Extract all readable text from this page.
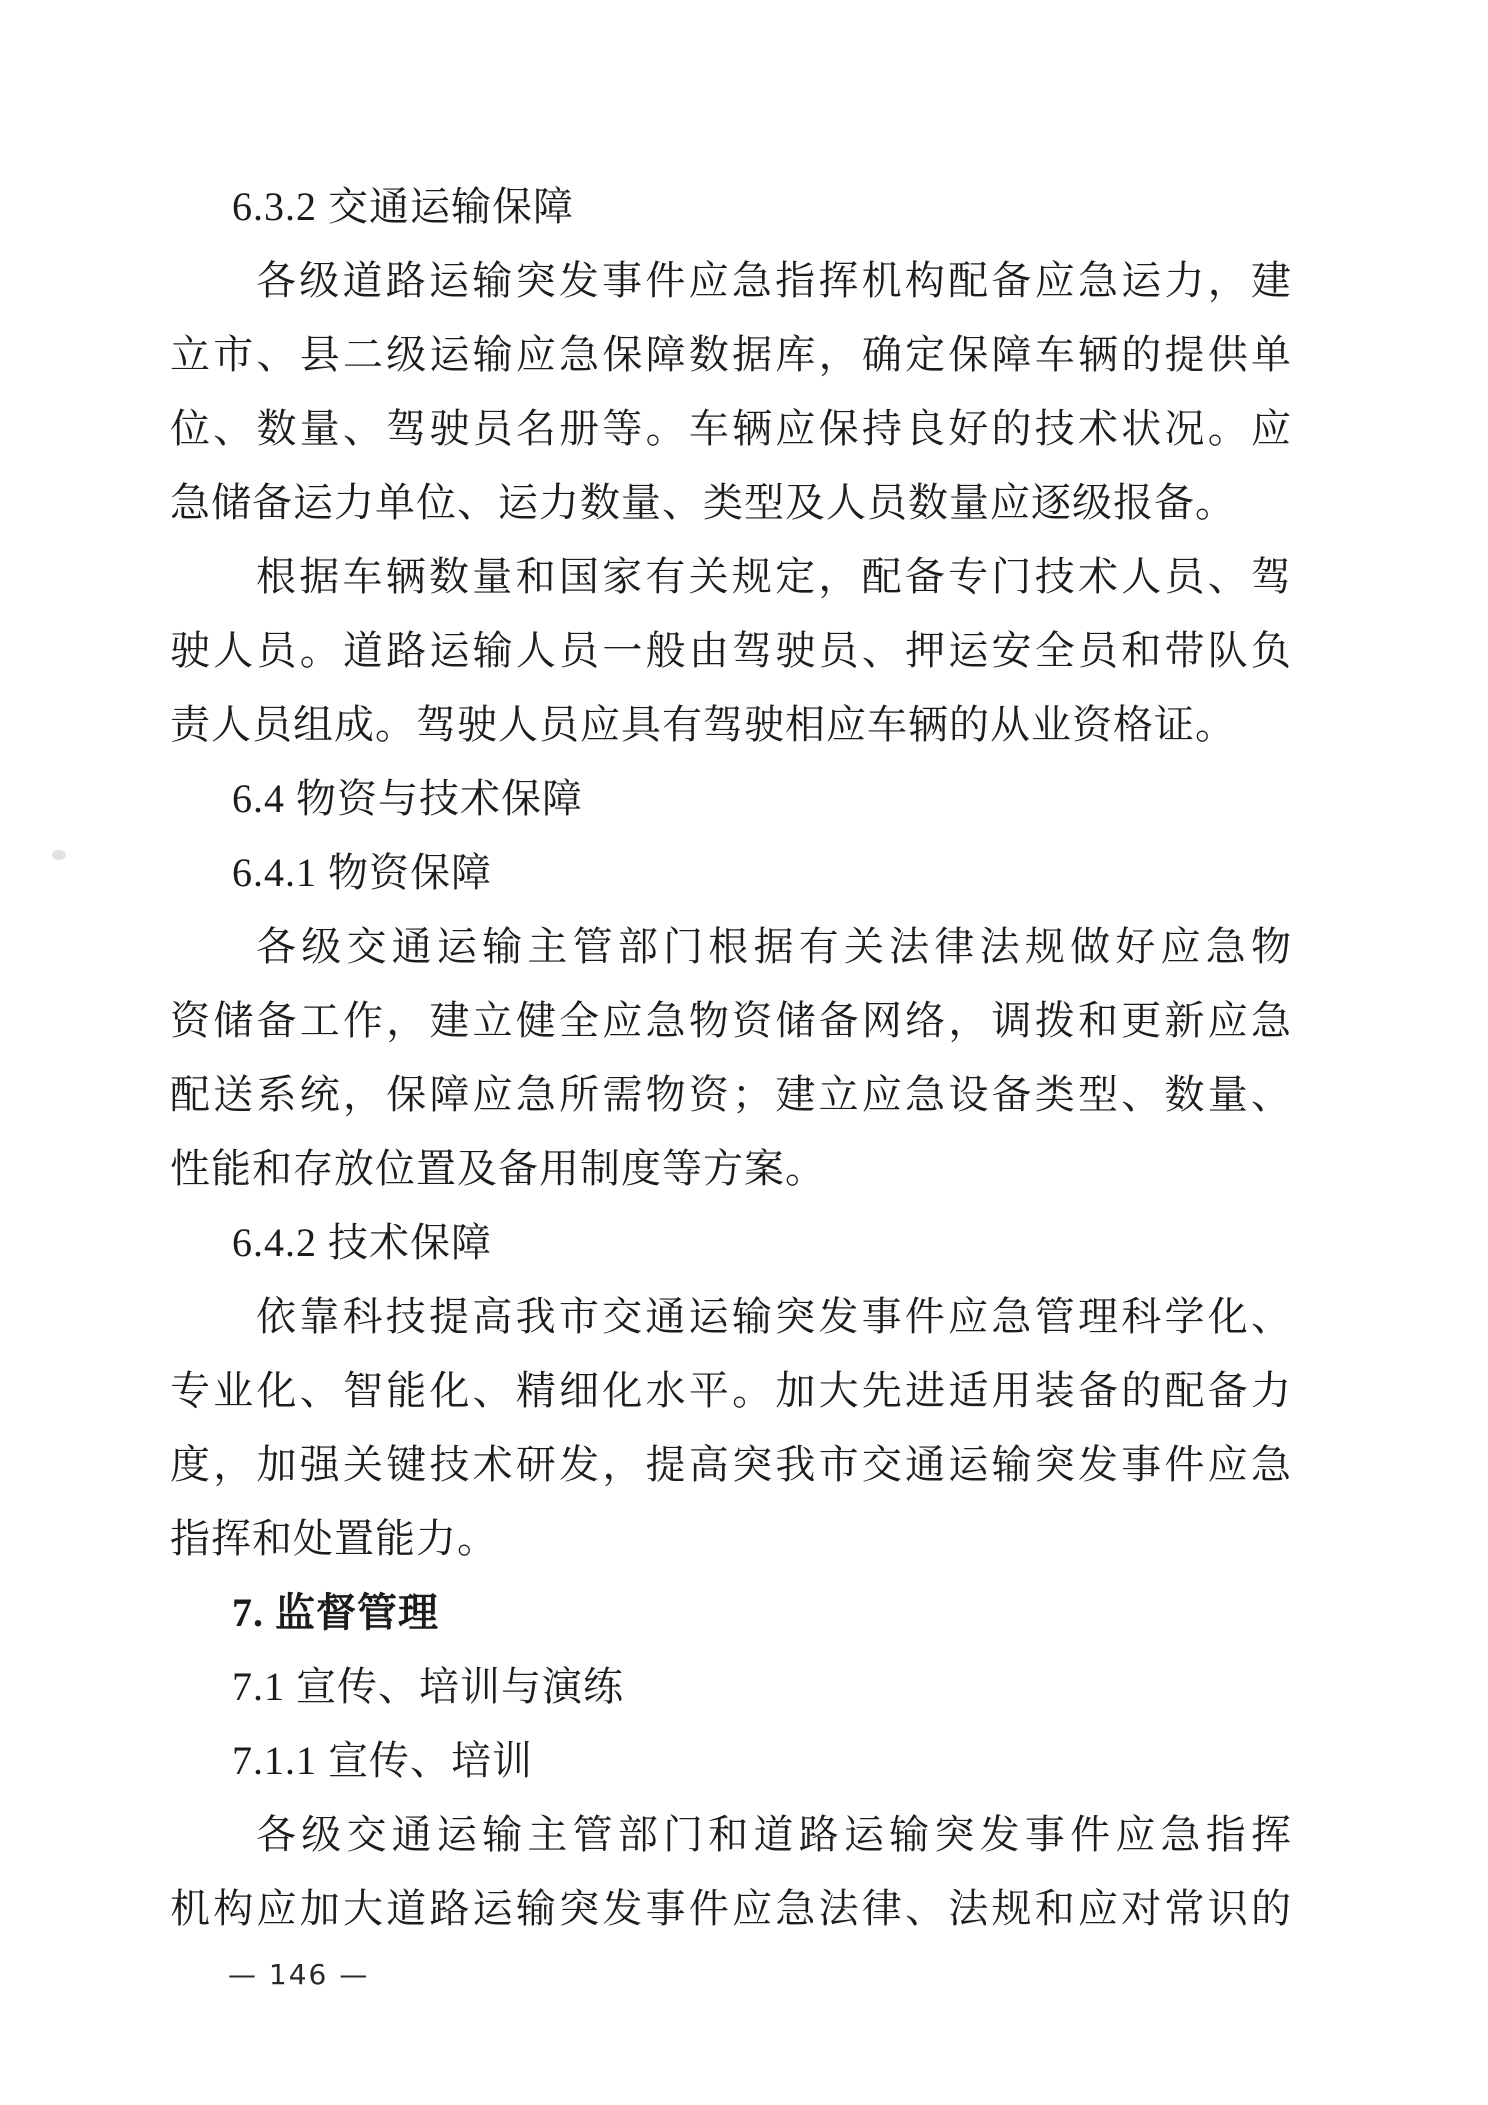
6.3.2 交通运输保障
各级道路运输突发事件应急指挥机构配备应急运力，建
立市、县二级运输应急保障数据库，确定保障车辆的提供单
位、数量、驾驶员名册等。车辆应保持良好的技术状况。应
急储备运力单位、运力数量、类型及人员数量应逐级报备。
根据车辆数量和国家有关规定，配备专门技术人员、驾
驶人员。道路运输人员一般由驾驶员、押运安全员和带队负
责人员组成。驾驶人员应具有驾驶相应车辆的从业资格证。
6.4 物资与技术保障
6.4.1 物资保障
各级交通运输主管部门根据有关法律法规做好应急物
资储备工作，建立健全应急物资储备网络，调拨和更新应急
配送系统，保障应急所需物资；建立应急设备类型、数量、
性能和存放位置及备用制度等方案。
6.4.2 技术保障
依靠科技提高我市交通运输突发事件应急管理科学化、
专业化、智能化、精细化水平。加大先进适用装备的配备力
度，加强关键技术研发，提高突我市交通运输突发事件应急
指挥和处置能力。
7. 监督管理
7.1 宣传、培训与演练
7.1.1 宣传、培训
各级交通运输主管部门和道路运输突发事件应急指挥
机构应加大道路运输突发事件应急法律、法规和应对常识的
— 146 —
